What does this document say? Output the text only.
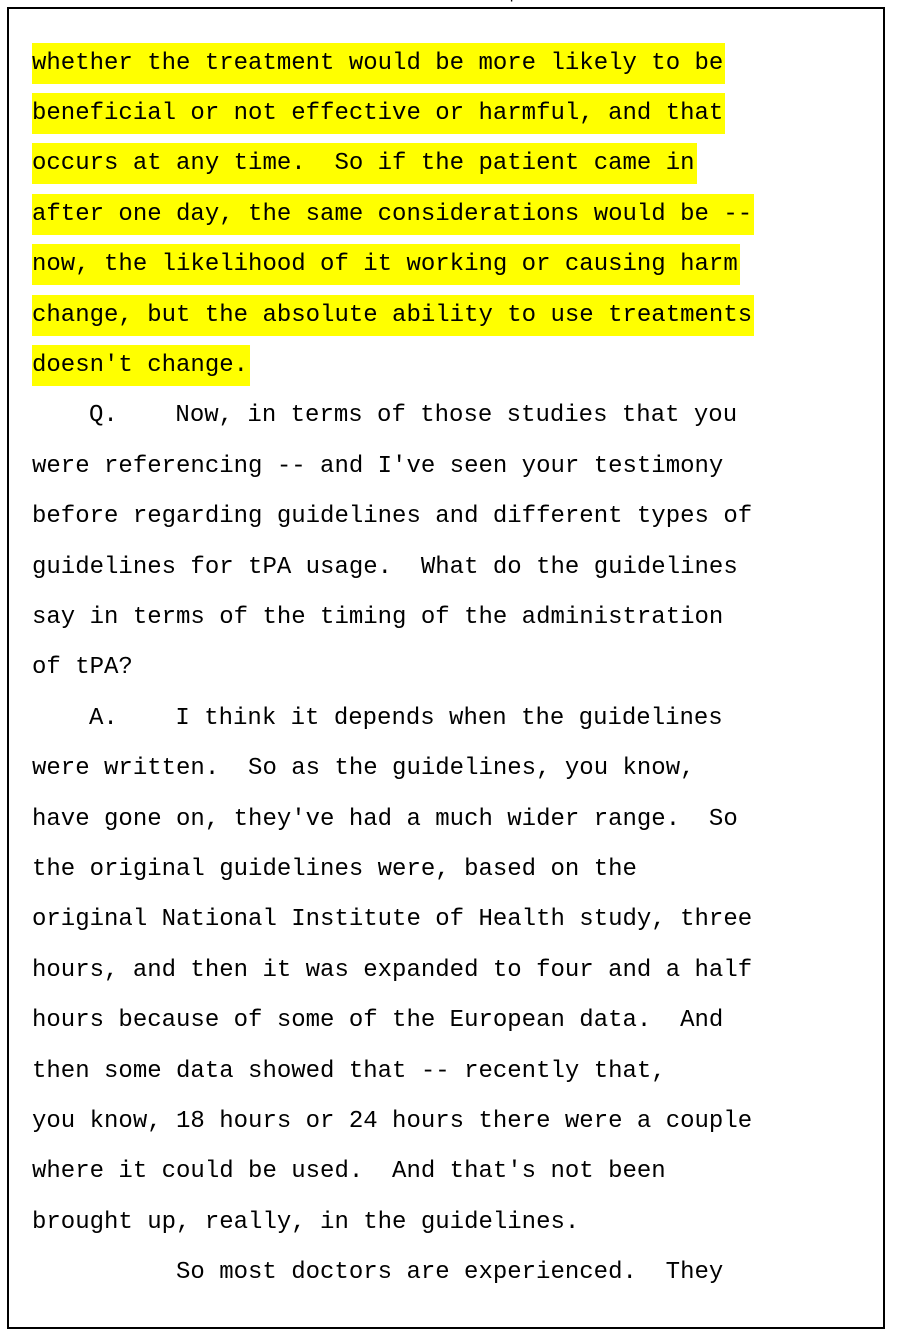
·
whether the treatment would be more likely to be
beneficial or not effective or harmful, and that
occurs at any time.  So if the patient came in
after one day, the same considerations would be --
now, the likelihood of it working or causing harm
change, but the absolute ability to use treatments
doesn't change.
Q.    Now, in terms of those studies that you
were referencing -- and I've seen your testimony
before regarding guidelines and different types of
guidelines for tPA usage.  What do the guidelines
say in terms of the timing of the administration
of tPA?
A.    I think it depends when the guidelines
were written.  So as the guidelines, you know,
have gone on, they've had a much wider range.  So
the original guidelines were, based on the
original National Institute of Health study, three
hours, and then it was expanded to four and a half
hours because of some of the European data.  And
then some data showed that -- recently that,
you know, 18 hours or 24 hours there were a couple
where it could be used.  And that's not been
brought up, really, in the guidelines.
So most doctors are experienced.  They
